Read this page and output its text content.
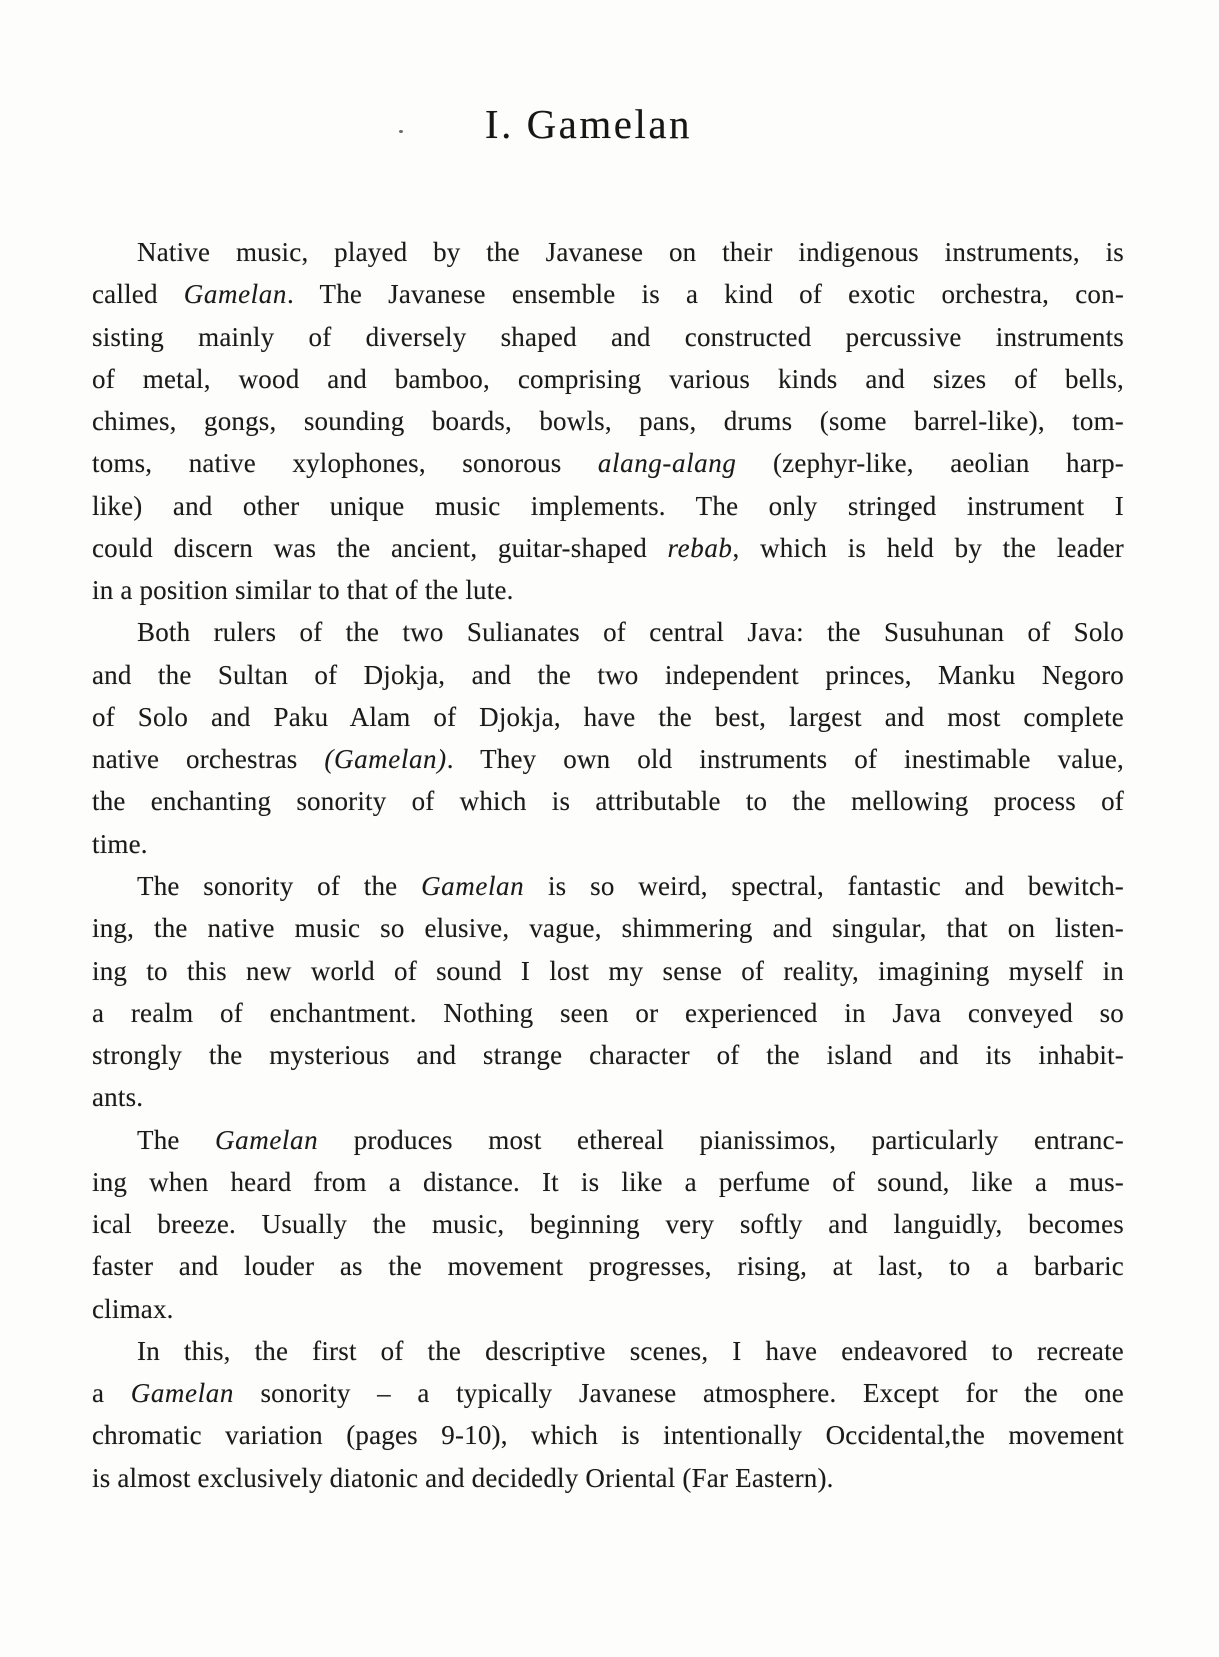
I. Gamelan
Native music, played by the Javanese on their indigenous instruments, is
called Gamelan. The Javanese ensemble is a kind of exotic orchestra, con-
sisting mainly of diversely shaped and constructed percussive instruments
of metal, wood and bamboo, comprising various kinds and sizes of bells,
chimes, gongs, sounding boards, bowls, pans, drums (some barrel-like), tom-
toms, native xylophones, sonorous alang-alang (zephyr-like, aeolian harp-
like) and other unique music implements. The only stringed instrument I
could discern was the ancient, guitar-shaped rebab, which is held by the leader
in a position similar to that of the lute.
Both rulers of the two Sulianates of central Java: the Susuhunan of Solo
and the Sultan of Djokja, and the two independent princes, Manku Negoro
of Solo and Paku Alam of Djokja, have the best, largest and most complete
native orchestras (Gamelan). They own old instruments of inestimable value,
the enchanting sonority of which is attributable to the mellowing process of
time.
The sonority of the Gamelan is so weird, spectral, fantastic and bewitch-
ing, the native music so elusive, vague, shimmering and singular, that on listen-
ing to this new world of sound I lost my sense of reality, imagining myself in
a realm of enchantment. Nothing seen or experienced in Java conveyed so
strongly the mysterious and strange character of the island and its inhabit-
ants.
The Gamelan produces most ethereal pianissimos, particularly entranc-
ing when heard from a distance. It is like a perfume of sound, like a mus-
ical breeze. Usually the music, beginning very softly and languidly, becomes
faster and louder as the movement progresses, rising, at last, to a barbaric
climax.
In this, the first of the descriptive scenes, I have endeavored to recreate
a Gamelan sonority – a typically Javanese atmosphere. Except for the one
chromatic variation (pages 9-10), which is intentionally Occidental,the movement
is almost exclusively diatonic and decidedly Oriental (Far Eastern).
